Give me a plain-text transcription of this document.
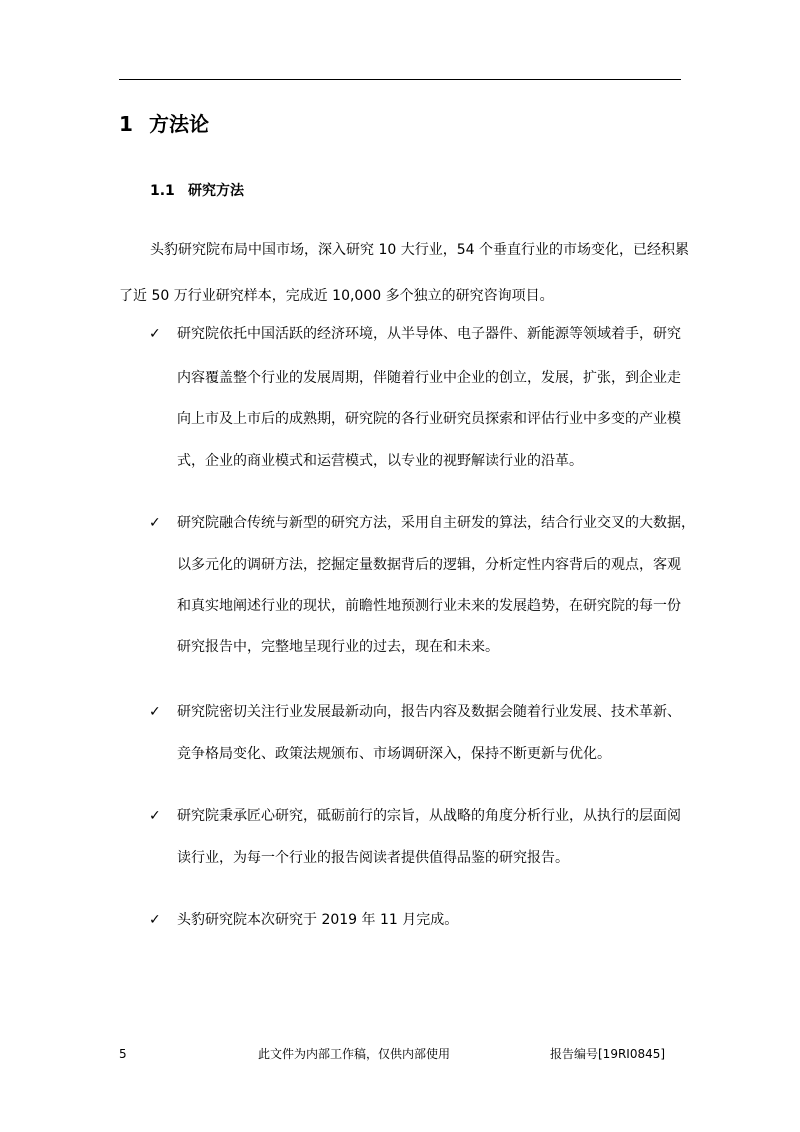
1 方法论
1.1 研究方法
头豹研究院布局中国市场，深入研究 10 大行业，54 个垂直行业的市场变化，已经积累
了近 50 万行业研究样本，完成近 10,000 多个独立的研究咨询项目。
✓ 研究院依托中国活跃的经济环境，从半导体、电子器件、新能源等领域着手，研究
内容覆盖整个行业的发展周期，伴随着行业中企业的创立，发展，扩张，到企业走
向上市及上市后的成熟期，研究院的各行业研究员探索和评估行业中多变的产业模
式，企业的商业模式和运营模式，以专业的视野解读行业的沿革。
✓ 研究院融合传统与新型的研究方法，采用自主研发的算法，结合行业交叉的大数据，
以多元化的调研方法，挖掘定量数据背后的逻辑，分析定性内容背后的观点，客观
和真实地阐述行业的现状，前瞻性地预测行业未来的发展趋势，在研究院的每一份
研究报告中，完整地呈现行业的过去，现在和未来。
✓ 研究院密切关注行业发展最新动向，报告内容及数据会随着行业发展、技术革新、
竞争格局变化、政策法规颁布、市场调研深入，保持不断更新与优化。
✓ 研究院秉承匠心研究，砥砺前行的宗旨，从战略的角度分析行业，从执行的层面阅
读行业，为每一个行业的报告阅读者提供值得品鉴的研究报告。
✓ 头豹研究院本次研究于 2019 年 11 月完成。
5	此文件为内部工作稿，仅供内部使用	报告编号[19RI0845]
